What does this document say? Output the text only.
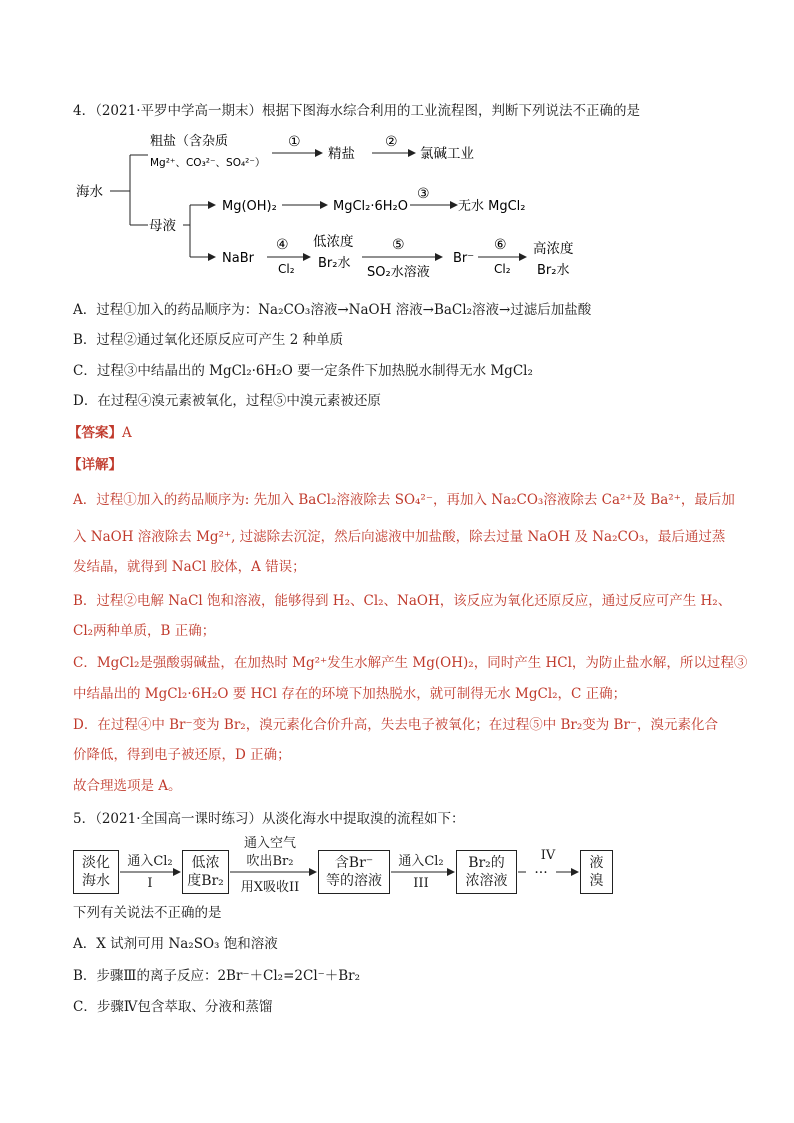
4．（2021·平罗中学高一期末）根据下图海水综合利用的工业流程图，判断下列说法不正确的是
海水
粗盐（含杂质
Mg²⁺、CO₃²⁻、SO₄²⁻）
①
精盐
②
氯碱工业
母液
Mg(OH)₂	MgCl₂·6H₂O
③
无水 MgCl₂
NaBr
④
Cl₂
低浓度
Br₂水
⑤
SO₂水溶液
Br⁻
⑥
Cl₂
高浓度
Br₂水
A．过程①加入的药品顺序为：Na₂CO₃溶液→NaOH 溶液→BaCl₂溶液→过滤后加盐酸
B．过程②通过氧化还原反应可产生 2 种单质
C．过程③中结晶出的 MgCl₂·6H₂O 要一定条件下加热脱水制得无水 MgCl₂
D．在过程④溴元素被氧化，过程⑤中溴元素被还原
【答案】A
【详解】
A．过程①加入的药品顺序为: 先加入 BaCl₂溶液除去 SO₄²⁻，再加入 Na₂CO₃溶液除去 Ca²⁺及 Ba²⁺，最后加
入 NaOH 溶液除去 Mg²⁺, 过滤除去沉淀，然后向滤液中加盐酸，除去过量 NaOH 及 Na₂CO₃，最后通过蒸
发结晶，就得到 NaCl 胶体，A 错误；
B．过程②电解 NaCl 饱和溶液，能够得到 H₂、Cl₂、NaOH，该反应为氧化还原反应，通过反应可产生 H₂、
Cl₂两种单质，B 正确；
C．MgCl₂是强酸弱碱盐，在加热时 Mg²⁺发生水解产生 Mg(OH)₂，同时产生 HCl，为防止盐水解，所以过程③
中结晶出的 MgCl₂·6H₂O 要 HCl 存在的环境下加热脱水，就可制得无水 MgCl₂，C 正确；
D．在过程④中 Br⁻变为 Br₂，溴元素化合价升高，失去电子被氧化；在过程⑤中 Br₂变为 Br⁻，溴元素化合
价降低，得到电子被还原，D 正确；
故合理选项是 A。
5．（2021·全国高一课时练习）从淡化海水中提取溴的流程如下：
淡化
海水
通入Cl₂
I
低浓
度Br₂
通入空气
吹出Br₂
用X吸收II
含Br⁻
等的溶液
通入Cl₂
III
Br₂的
浓溶液
IV
···
液
溴
下列有关说法不正确的是
A．X 试剂可用 Na₂SO₃ 饱和溶液
B．步骤Ⅲ的离子反应：2Br⁻＋Cl₂=2Cl⁻＋Br₂
C．步骤Ⅳ包含萃取、分液和蒸馏
